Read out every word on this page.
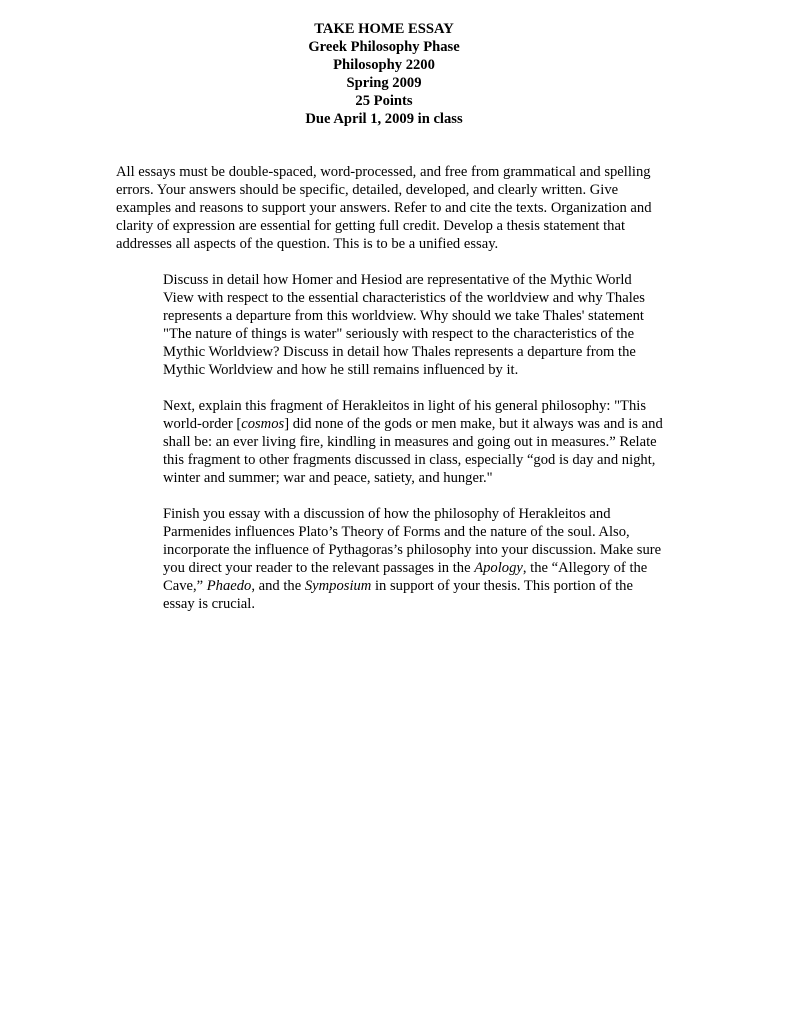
TAKE HOME ESSAY
Greek Philosophy Phase
Philosophy 2200
Spring 2009
25 Points
Due April 1, 2009 in class
All essays must be double-spaced, word-processed, and free from grammatical and spelling
errors. Your answers should be specific, detailed, developed, and clearly written. Give
examples and reasons to support your answers. Refer to and cite the texts. Organization and
clarity of expression are essential for getting full credit. Develop a thesis statement that
addresses all aspects of the question. This is to be a unified essay.
Discuss in detail how Homer and Hesiod are representative of the Mythic World
View with respect to the essential characteristics of the worldview and why Thales
represents a departure from this worldview. Why should we take Thales' statement
"The nature of things is water" seriously with respect to the characteristics of the
Mythic Worldview? Discuss in detail how Thales represents a departure from the
Mythic Worldview and how he still remains influenced by it.
Next, explain this fragment of Herakleitos in light of his general philosophy: "This
world-order [cosmos] did none of the gods or men make, but it always was and is and
shall be: an ever living fire, kindling in measures and going out in measures.” Relate
this fragment to other fragments discussed in class, especially “god is day and night,
winter and summer; war and peace, satiety, and hunger."
Finish you essay with a discussion of how the philosophy of Herakleitos and
Parmenides influences Plato’s Theory of Forms and the nature of the soul. Also,
incorporate the influence of Pythagoras’s philosophy into your discussion. Make sure
you direct your reader to the relevant passages in the Apology, the “Allegory of the
Cave,” Phaedo, and the Symposium in support of your thesis. This portion of the
essay is crucial.
